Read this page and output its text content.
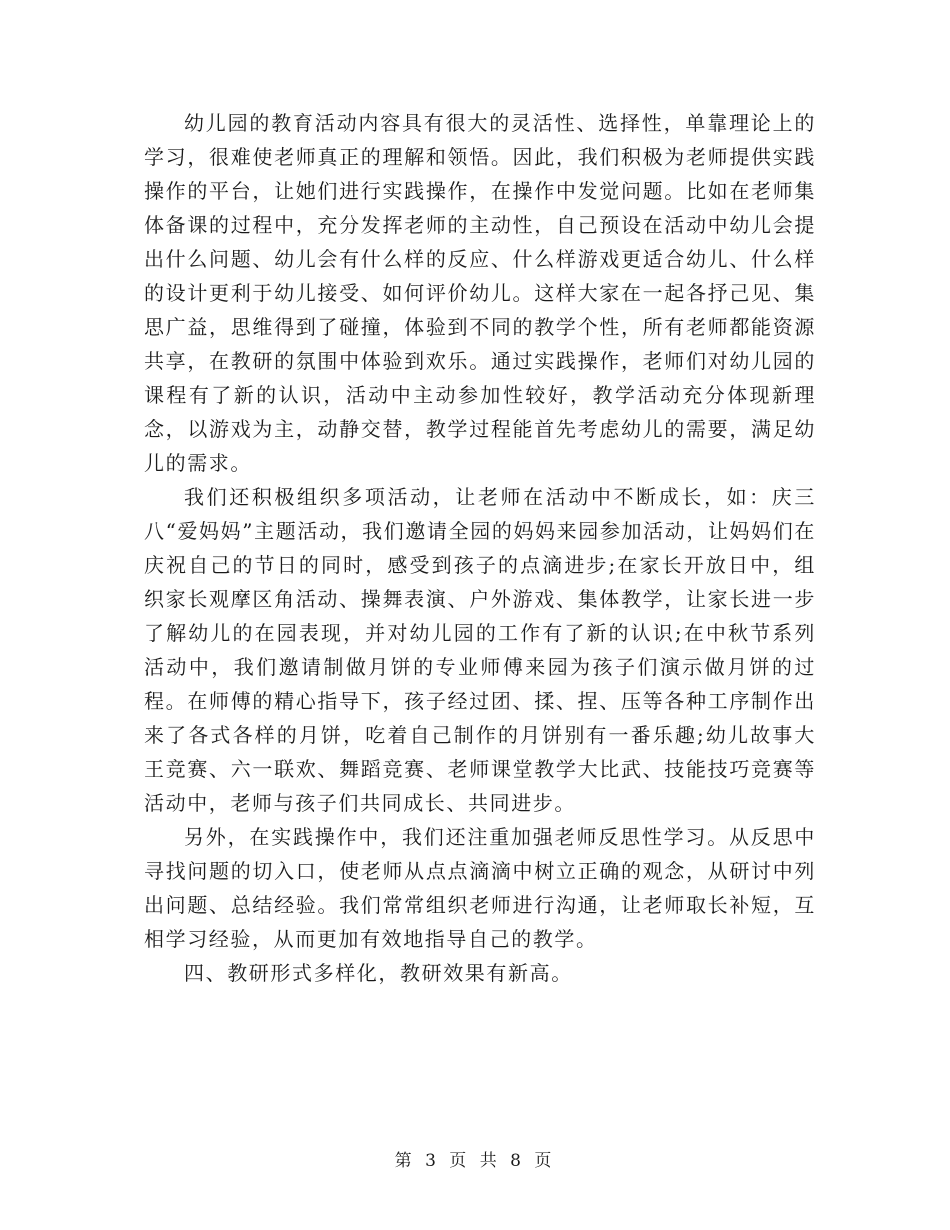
幼儿园的教育活动内容具有很大的灵活性、选择性，单靠理论上的学习，很难使老师真正的理解和领悟。因此，我们积极为老师提供实践操作的平台，让她们进行实践操作，在操作中发觉问题。比如在老师集体备课的过程中，充分发挥老师的主动性，自己预设在活动中幼儿会提出什么问题、幼儿会有什么样的反应、什么样游戏更适合幼儿、什么样的设计更利于幼儿接受、如何评价幼儿。这样大家在一起各抒己见、集思广益，思维得到了碰撞，体验到不同的教学个性，所有老师都能资源共享，在教研的氛围中体验到欢乐。通过实践操作，老师们对幼儿园的课程有了新的认识，活动中主动参加性较好，教学活动充分体现新理念，以游戏为主，动静交替，教学过程能首先考虑幼儿的需要，满足幼儿的需求。

我们还积极组织多项活动，让老师在活动中不断成长，如：庆三八“爱妈妈”主题活动，我们邀请全园的妈妈来园参加活动，让妈妈们在庆祝自己的节日的同时，感受到孩子的点滴进步;在家长开放日中，组织家长观摩区角活动、操舞表演、户外游戏、集体教学，让家长进一步了解幼儿的在园表现，并对幼儿园的工作有了新的认识;在中秋节系列活动中，我们邀请制做月饼的专业师傅来园为孩子们演示做月饼的过程。在师傅的精心指导下，孩子经过团、揉、捏、压等各种工序制作出来了各式各样的月饼，吃着自己制作的月饼别有一番乐趣;幼儿故事大王竞赛、六一联欢、舞蹈竞赛、老师课堂教学大比武、技能技巧竞赛等活动中，老师与孩子们共同成长、共同进步。

另外，在实践操作中，我们还注重加强老师反思性学习。从反思中寻找问题的切入口，使老师从点点滴滴中树立正确的观念，从研讨中列出问题、总结经验。我们常常组织老师进行沟通，让老师取长补短，互相学习经验，从而更加有效地指导自己的教学。

四、教研形式多样化，教研效果有新高。

第 3 页 共 8 页
